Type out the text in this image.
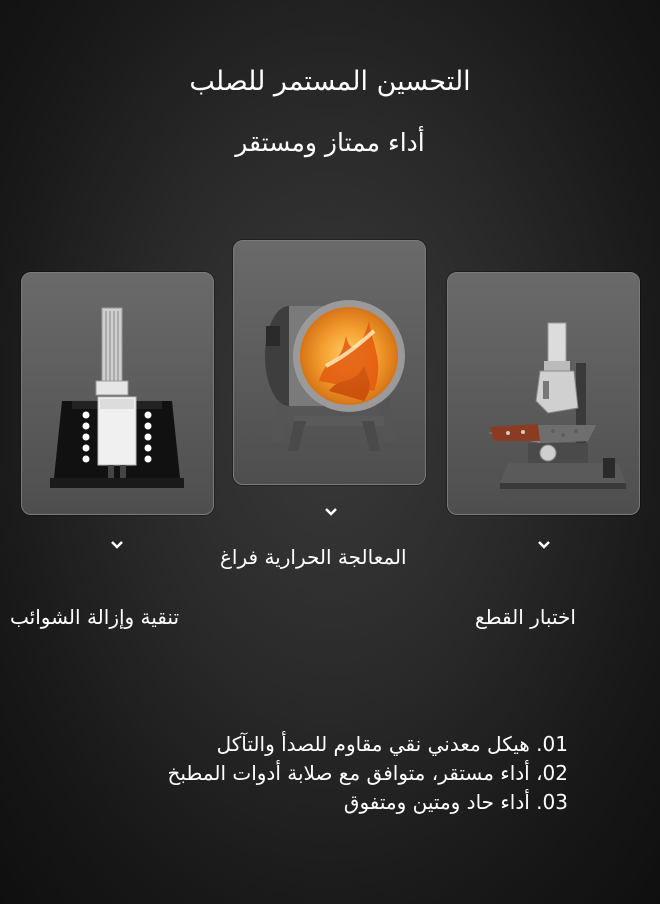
التحسين المستمر للصلب
أداء ممتاز ومستقر
المعالجة الحرارية فراغ
تنقية وإزالة الشوائب	اختبار القطع
01. هيكل معدني نقي مقاوم للصدأ والتآكل
02، أداء مستقر، متوافق مع صلابة أدوات المطبخ
03. أداء حاد ومتين ومتفوق
